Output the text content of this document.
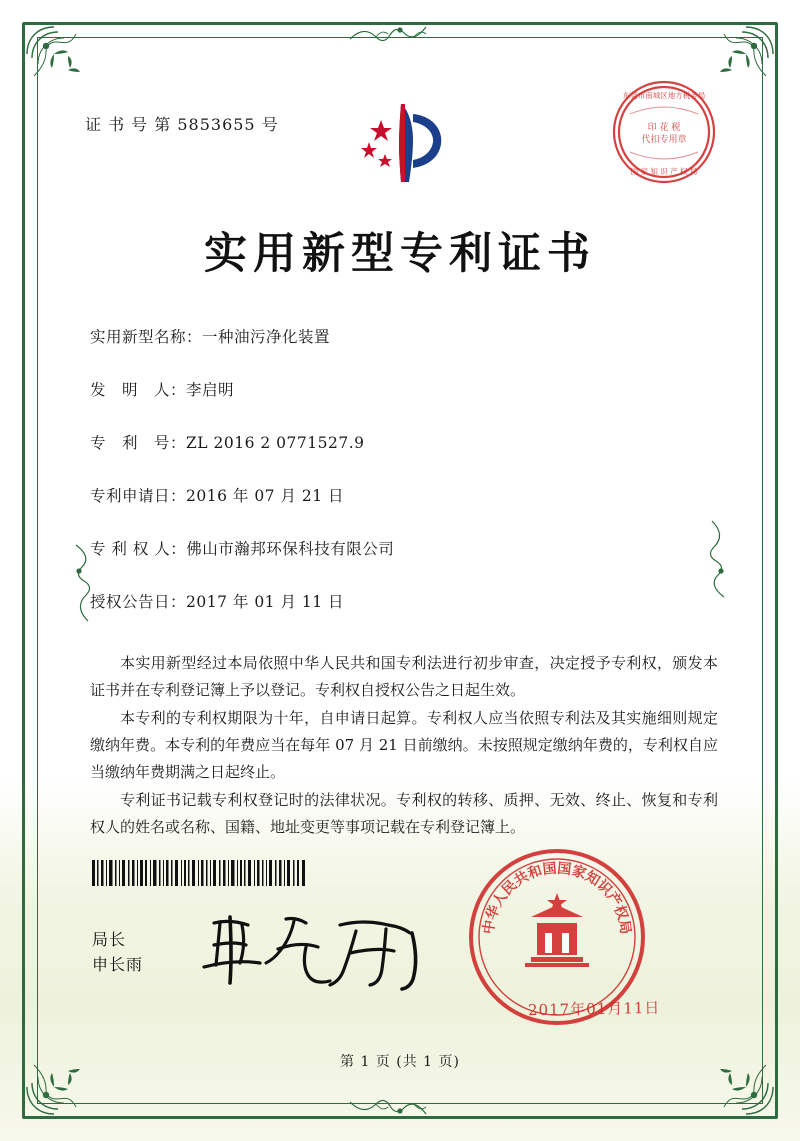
证 书 号 第 5853655 号
东莞市南城区地方税务局
印 花 税
代扣专用章
国 家 知 识 产 权 局
实用新型专利证书
实用新型名称：一种油污净化装置
发　明　人：李启明
专　利　号：ZL 2016 2 0771527.9
专利申请日：2016 年 07 月 21 日
专 利 权 人：佛山市瀚邦环保科技有限公司
授权公告日：2017 年 01 月 11 日

本实用新型经过本局依照中华人民共和国专利法进行初步审查，决定授予专利权，颁发本证书并在专利登记簿上予以登记。专利权自授权公告之日起生效。

本专利的专利权期限为十年，自申请日起算。专利权人应当依照专利法及其实施细则规定缴纳年费。本专利的年费应当在每年 07 月 21 日前缴纳。未按照规定缴纳年费的，专利权自应当缴纳年费期满之日起终止。

专利证书记载专利权登记时的法律状况。专利权的转移、质押、无效、终止、恢复和专利权人的姓名或名称、国籍、地址变更等事项记载在专利登记簿上。

局长
申长雨
中华人民共和国国家知识产权局
2017年01月11日
第 1 页 (共 1 页)
